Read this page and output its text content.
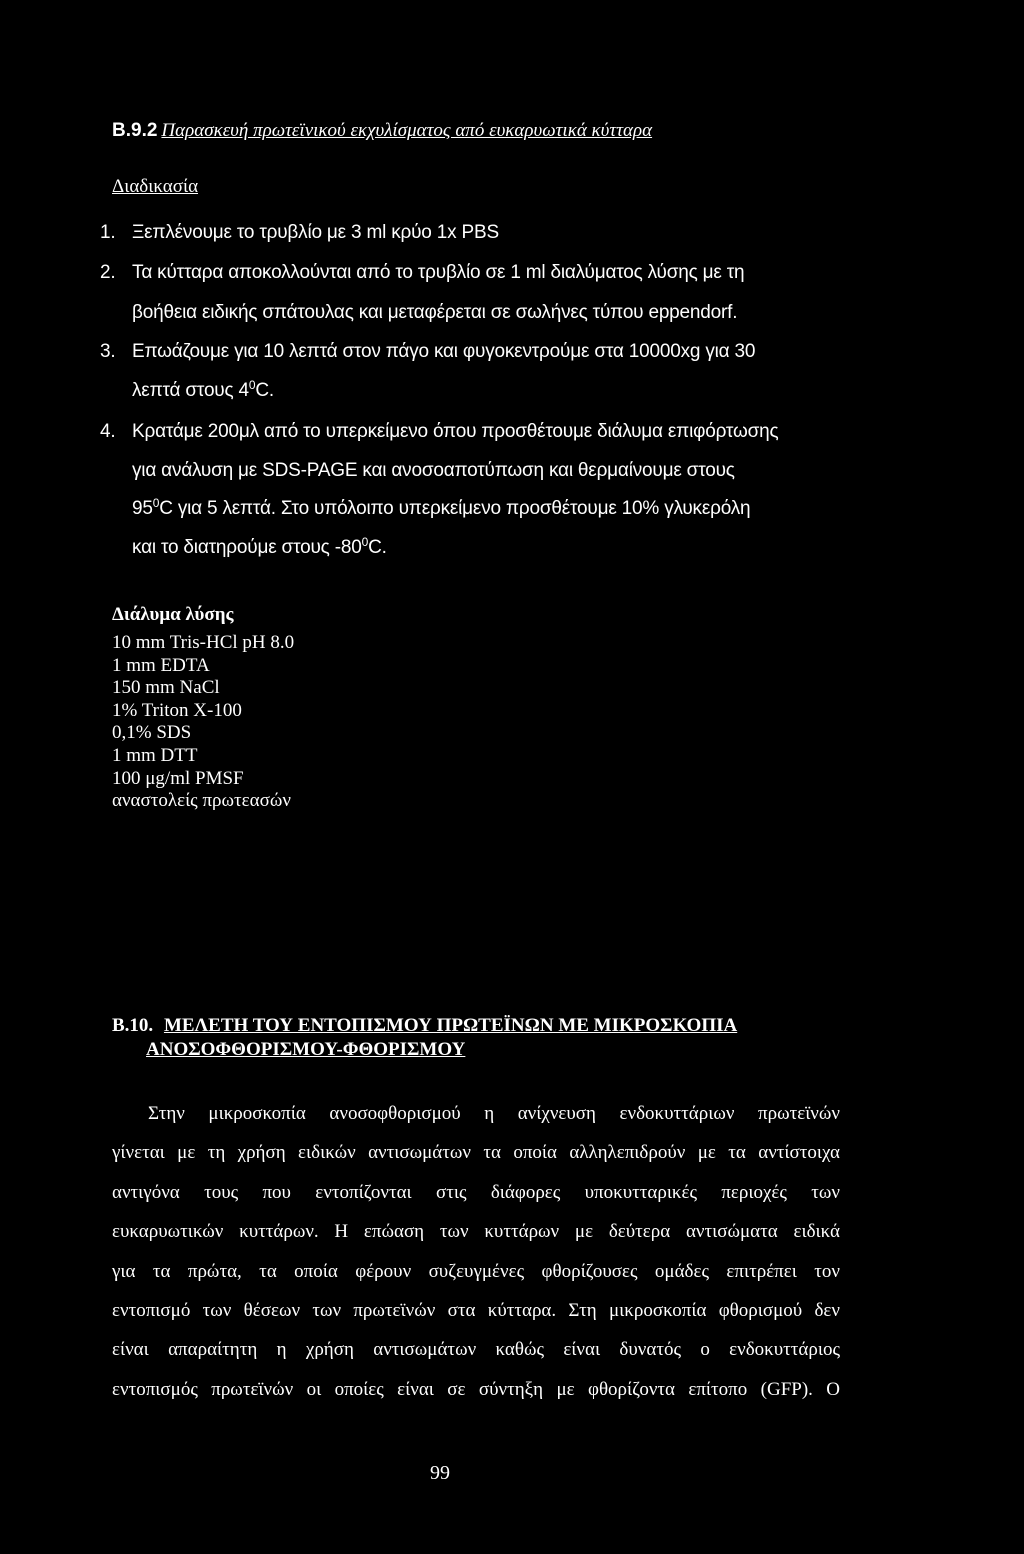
B.9.2 Παρασκευή πρωτεϊνικού εκχυλίσματος από ευκαρυωτικά κύτταρα
Διαδικασία
1. Ξεπλένουμε το τρυβλίο με 3 ml κρύο 1x PBS
2. Τα κύτταρα αποκολλούνται από το τρυβλίο σε 1 ml διαλύματος λύσης με τη
βοήθεια ειδικής σπάτουλας και μεταφέρεται σε σωλήνες τύπου eppendorf.
3. Επωάζουμε για 10 λεπτά στον πάγο και φυγοκεντρούμε στα 10000xg για 30
λεπτά στους $4^0C$.
4. Κρατάμε 200μλ από το υπερκείμενο όπου προσθέτουμε διάλυμα επιφόρτωσης
για ανάλυση με SDS-PAGE και ανοσοαποτύπωση και θερμαίνουμε στους
$95^0C$ για 5 λεπτά. Στο υπόλοιπο υπερκείμενο προσθέτουμε 10% γλυκερόλη
και το διατηρούμε στους $-80^0C$.
Διάλυμα λύσης
10 mm Tris-HCl pH 8.0
1 mm EDTA
150 mm NaCl
1% Triton X-100
0,1% SDS
1 mm DTT
100 μg/ml PMSF
αναστολείς πρωτεασών
B.10. ΜΕΛΕΤΗ ΤΟΥ ΕΝΤΟΠΙΣΜΟΥ ΠΡΩΤΕΪΝΩΝ ΜΕ ΜΙΚΡΟΣΚΟΠΙΑ
ΑΝΟΣΟΦΘΟΡΙΣΜΟΥ-ΦΘΟΡΙΣΜΟΥ
Στην μικροσκοπία ανοσοφθορισμού η ανίχνευση ενδοκυττάριων πρωτεϊνών
γίνεται με τη χρήση ειδικών αντισωμάτων τα οποία αλληλεπιδρούν με τα αντίστοιχα
αντιγόνα τους που εντοπίζονται στις διάφορες υποκυτταρικές περιοχές των
ευκαρυωτικών κυττάρων. Η επώαση των κυττάρων με δεύτερα αντισώματα ειδικά
για τα πρώτα, τα οποία φέρουν συζευγμένες φθορίζουσες ομάδες επιτρέπει τον
εντοπισμό των θέσεων των πρωτεϊνών στα κύτταρα. Στη μικροσκοπία φθορισμού δεν
είναι απαραίτητη η χρήση αντισωμάτων καθώς είναι δυνατός ο ενδοκυττάριος
εντοπισμός πρωτεϊνών οι οποίες είναι σε σύντηξη με φθορίζοντα επίτοπο (GFP). Ο
99
